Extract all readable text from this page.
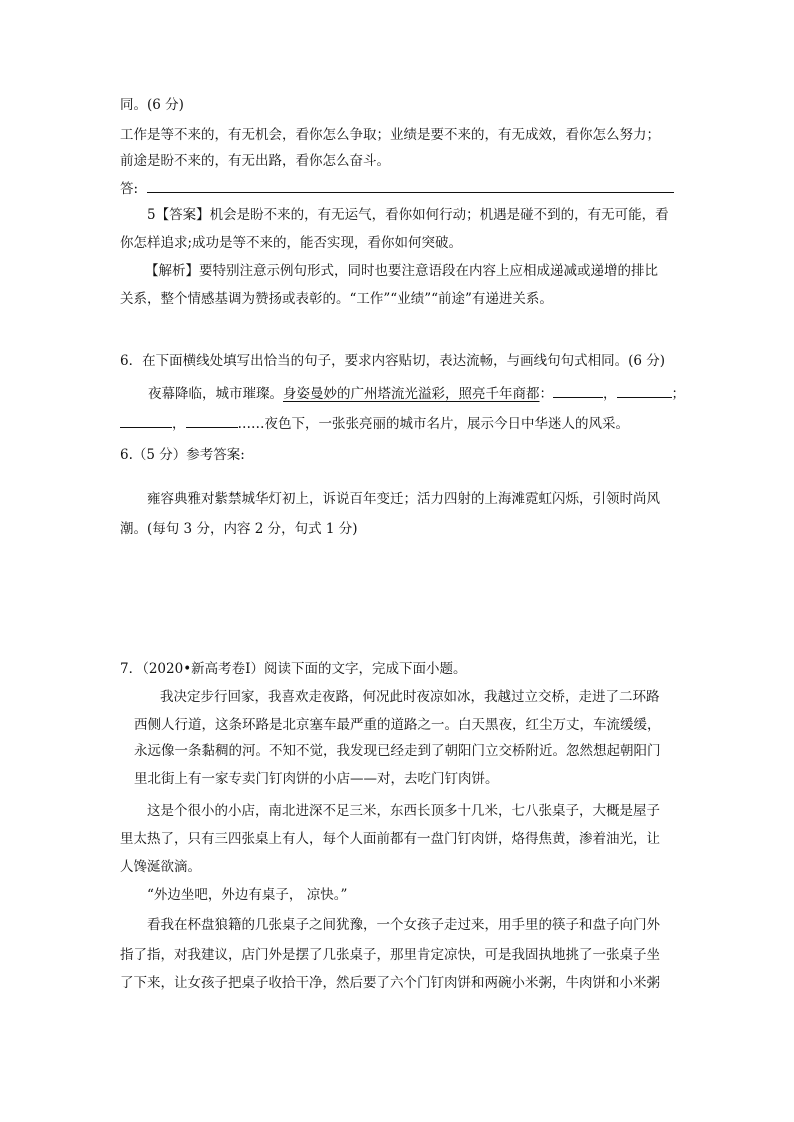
同。(6 分)
工作是等不来的，有无机会，看你怎么争取；业绩是要不来的，有无成效，看你怎么努力；
前途是盼不来的，有无出路，看你怎么奋斗。
答:
5【答案】机会是盼不来的，有无运气，看你如何行动；机遇是碰不到的，有无可能，看
你怎样追求;成功是等不来的，能否实现，看你如何突破。
【解析】要特别注意示例句形式，同时也要注意语段在内容上应相成递减或递增的排比
关系，整个情感基调为赞扬或表彰的。“工作”“业绩”“前途”有递进关系。
6．在下面横线处填写出恰当的句子，要求内容贴切，表达流畅，与画线句句式相同。(6 分)
夜幕降临，城市璀璨。身姿曼妙的广州塔流光溢彩，照亮千年商都：	，	；
，	……夜色下，一张张亮丽的城市名片，展示今日中华迷人的风采。
6.（5 分）参考答案:
雍容典雅对紫禁城华灯初上，诉说百年变迁；活力四射的上海滩霓虹闪烁，引领时尚风
潮。(每句 3 分，内容 2 分，句式 1 分)
7．（2020•新高考卷Ⅰ）阅读下面的文字，完成下面小题。
我决定步行回家，我喜欢走夜路，何况此时夜凉如冰，我越过立交桥，走进了二环路
西侧人行道，这条环路是北京塞车最严重的道路之一。白天黑夜，红尘万丈，车流缓缓，
永远像一条黏稠的河。不知不觉，我发现已经走到了朝阳门立交桥附近。忽然想起朝阳门
里北街上有一家专卖门钉肉饼的小店——对，去吃门钉肉饼。
这是个很小的小店，南北进深不足三米，东西长顶多十几米，七八张桌子，大概是屋子
里太热了，只有三四张桌上有人，每个人面前都有一盘门钉肉饼，烙得焦黄，渗着油光，让
人馋涎欲滴。
“外边坐吧，外边有桌子， 凉快。”
看我在杯盘狼籍的几张桌子之间犹豫，一个女孩子走过来，用手里的筷子和盘子向门外
指了指，对我建议，店门外是摆了几张桌子，那里肯定凉快，可是我固执地挑了一张桌子坐
了下来，让女孩子把桌子收拾干净，然后要了六个门钉肉饼和两碗小米粥，牛肉饼和小米粥
